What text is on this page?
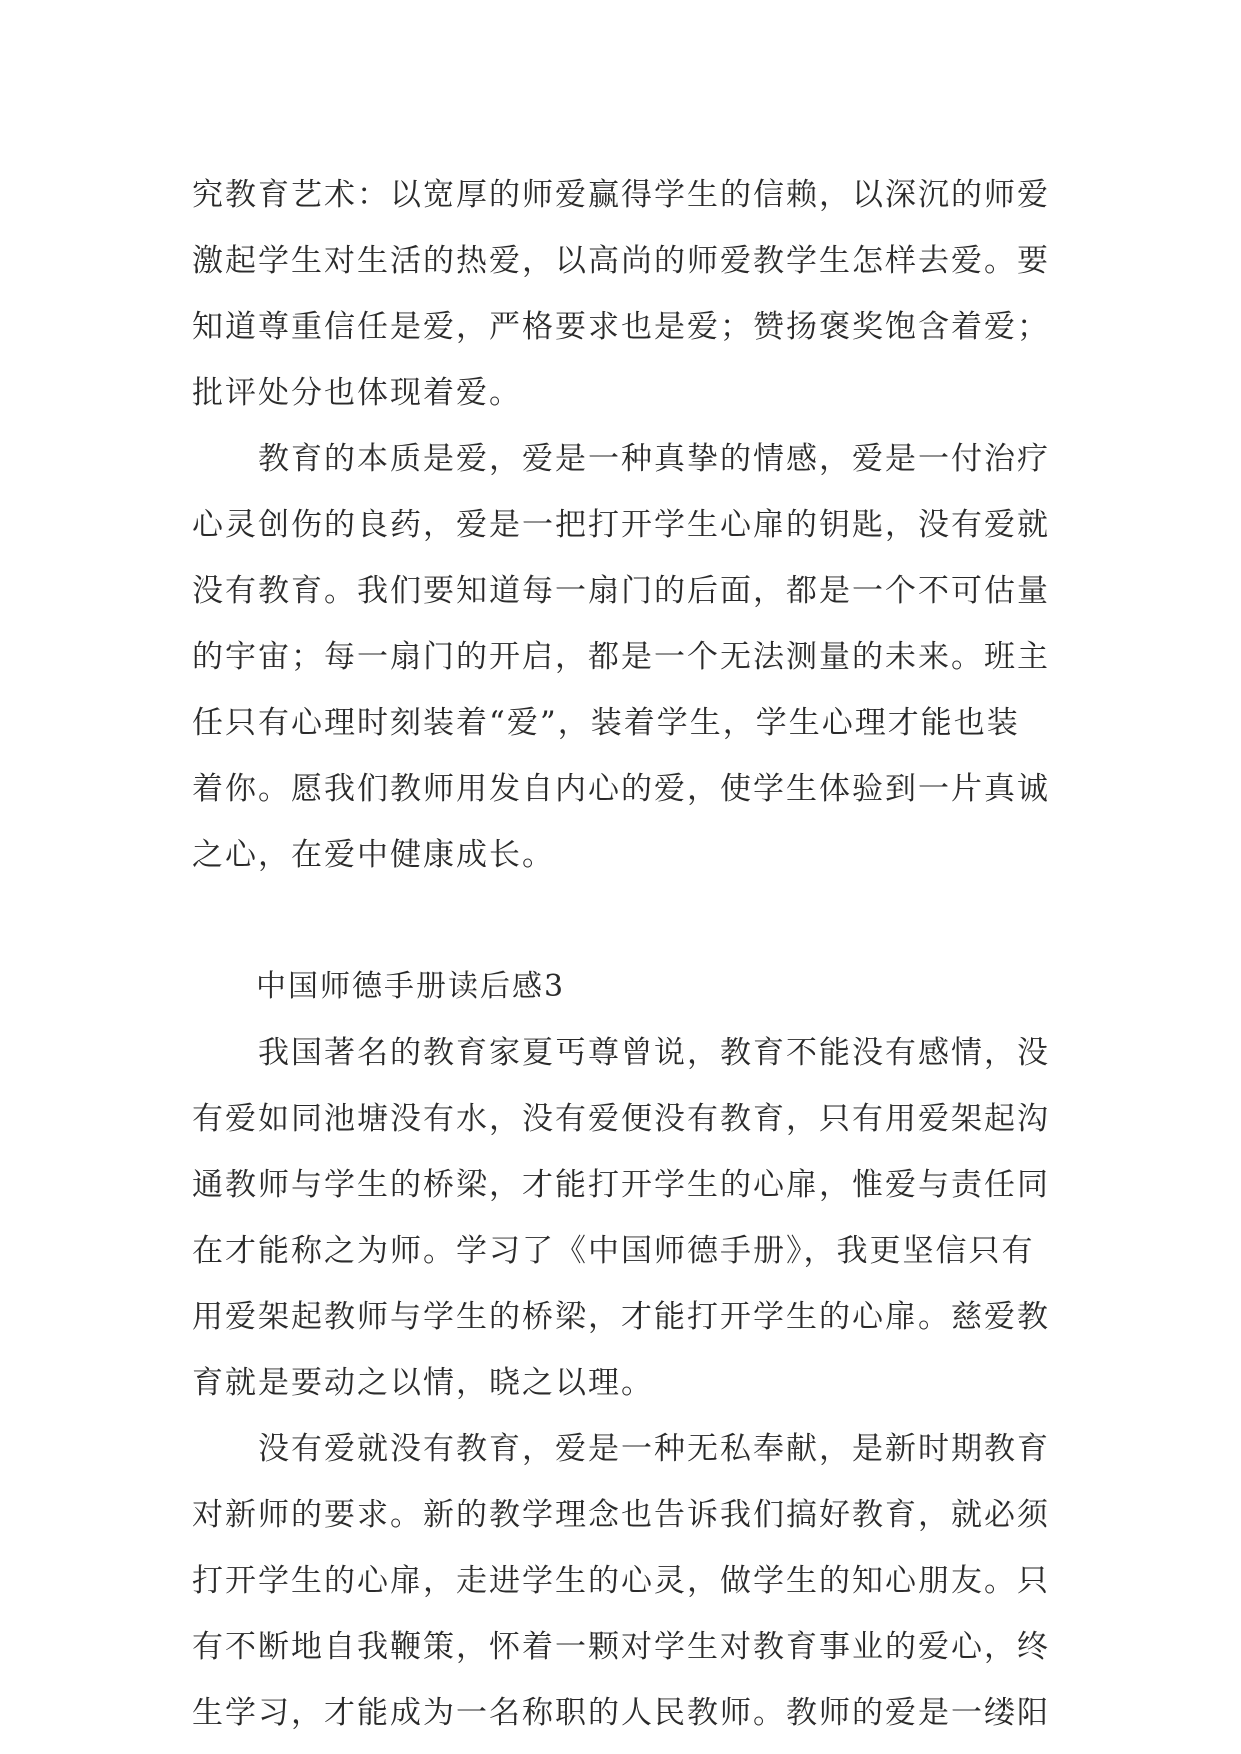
究教育艺术：以宽厚的师爱赢得学生的信赖，以深沉的师爱
激起学生对生活的热爱，以高尚的师爱教学生怎样去爱。要
知道尊重信任是爱，严格要求也是爱；赞扬褒奖饱含着爱；
批评处分也体现着爱。
　　教育的本质是爱，爱是一种真挚的情感，爱是一付治疗
心灵创伤的良药，爱是一把打开学生心扉的钥匙，没有爱就
没有教育。我们要知道每一扇门的后面，都是一个不可估量
的宇宙；每一扇门的开启，都是一个无法测量的未来。班主
任只有心理时刻装着“爱”，装着学生，学生心理才能也装
着你。愿我们教师用发自内心的爱，使学生体验到一片真诚
之心，在爱中健康成长。
中国师德手册读后感3
　　我国著名的教育家夏丐尊曾说，教育不能没有感情，没
有爱如同池塘没有水，没有爱便没有教育，只有用爱架起沟
通教师与学生的桥梁，才能打开学生的心扉，惟爱与责任同
在才能称之为师。学习了《中国师德手册》，我更坚信只有
用爱架起教师与学生的桥梁，才能打开学生的心扉。慈爱教
育就是要动之以情，晓之以理。
　　没有爱就没有教育，爱是一种无私奉献，是新时期教育
对新师的要求。新的教学理念也告诉我们搞好教育，就必须
打开学生的心扉，走进学生的心灵，做学生的知心朋友。只
有不断地自我鞭策，怀着一颗对学生对教育事业的爱心，终
生学习，才能成为一名称职的人民教师。教师的爱是一缕阳
